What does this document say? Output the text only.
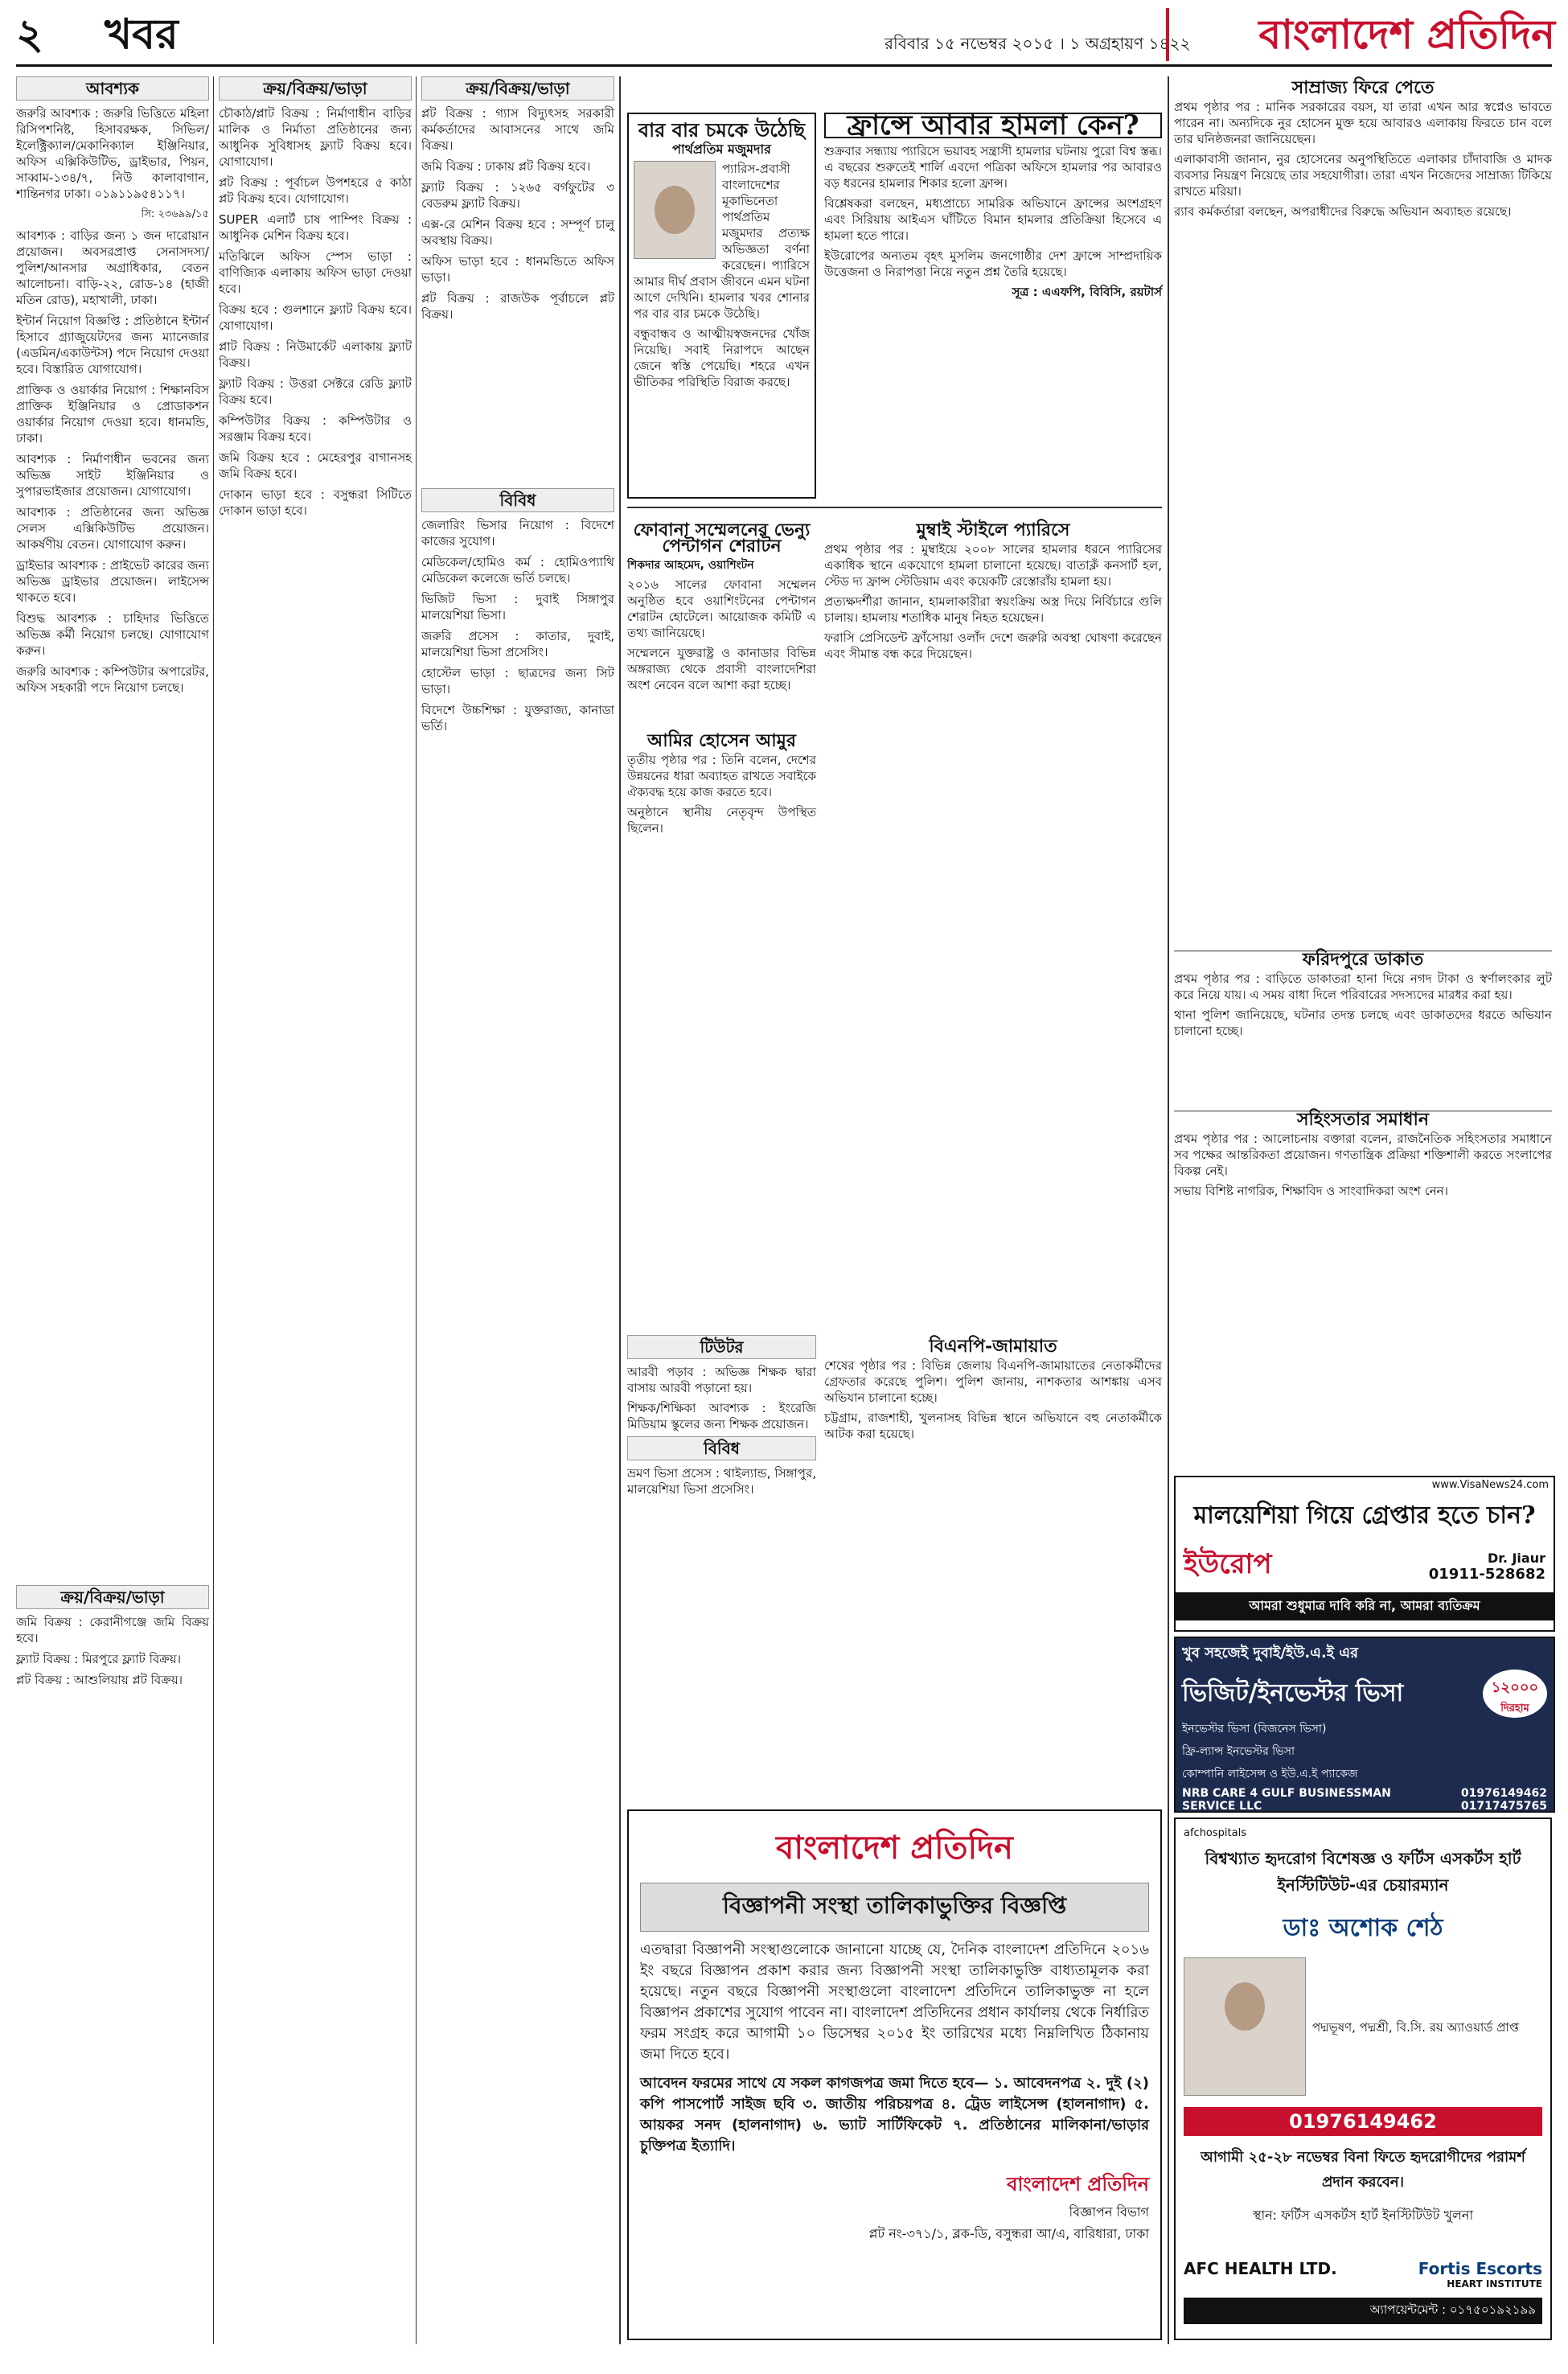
২ খবর	রবিবার ১৫ নভেম্বর ২০১৫ । ১ অগ্রহায়ণ ১৪২২	বাংলাদেশ প্রতিদিন
আবশ্যক

জরুরি আবশ্যক : জরুরি ভিত্তিতে মহিলা রিসিপশনিষ্ট, হিসাবরক্ষক, সিভিল/ইলেক্ট্রিক্যাল/মেকানিক্যাল ইঞ্জিনিয়ার, অফিস এক্সিকিউটিভ, ড্রাইভার, পিয়ন, সাব্বাম-১৩৪/৭, নিউ কালাবাগান, শান্তিনগর ঢাকা। ০১৯১১৯৫৪১১৭।

সি: ২৩৬৯৯/১৫

আবশ্যক : বাড়ির জন্য ১ জন দারোয়ান প্রয়োজন। অবসরপ্রাপ্ত সেনাসদস্য/পুলিশ/আনসার অগ্রাধিকার, বেতন আলোচনা। বাড়ি-২২, রোড-১৪ (হাজী মতিন রোড), মহাখালী, ঢাকা।

ইন্টার্ন নিয়োগ বিজ্ঞপ্তি : প্রতিষ্ঠানে ইন্টার্ন হিসাবে গ্র্যাজুয়েটদের জন্য ম্যানেজার (এডমিন/একাউন্টস) পদে নিয়োগ দেওয়া হবে। বিস্তারিত যোগাযোগ।

প্রাক্তিক ও ওয়ার্কার নিয়োগ : শিক্ষানবিস প্রাক্তিক ইঞ্জিনিয়ার ও প্রোডাকশন ওয়ার্কার নিয়োগ দেওয়া হবে। ধানমন্ডি, ঢাকা।

আবশ্যক : নির্মাণাধীন ভবনের জন্য অভিজ্ঞ সাইট ইঞ্জিনিয়ার ও সুপারভাইজার প্রয়োজন। যোগাযোগ।

আবশ্যক : প্রতিষ্ঠানের জন্য অভিজ্ঞ সেলস এক্সিকিউটিভ প্রয়োজন। আকর্ষণীয় বেতন। যোগাযোগ করুন।

ড্রাইভার আবশ্যক : প্রাইভেট কারের জন্য অভিজ্ঞ ড্রাইভার প্রয়োজন। লাইসেন্স থাকতে হবে।

বিশুদ্ধ আবশ্যক : চাহিদার ভিত্তিতে অভিজ্ঞ কর্মী নিয়োগ চলছে। যোগাযোগ করুন।

জরুরি আবশ্যক : কম্পিউটার অপারেটর, অফিস সহকারী পদে নিয়োগ চলছে।

ক্রয়/বিক্রয়/ভাড়া

জমি বিক্রয় : কেরানীগঞ্জে জমি বিক্রয় হবে।

ফ্ল্যাট বিক্রয় : মিরপুরে ফ্ল্যাট বিক্রয়।

প্লট বিক্রয় : আশুলিয়ায় প্লট বিক্রয়।

ক্রয়/বিক্রয়/ভাড়া

চৌকাঠ/প্লাট বিক্রয় : নির্মাণাধীন বাড়ির মালিক ও নির্মাতা প্রতিষ্ঠানের জন্য আধুনিক সুবিধাসহ ফ্ল্যাট বিক্রয় হবে। যোগাযোগ।

প্লট বিক্রয় : পূর্বাচল উপশহরে ৫ কাঠা প্লট বিক্রয় হবে। যোগাযোগ।

SUPER এলার্ট চাষ পাম্পিং বিক্রয় : আধুনিক মেশিন বিক্রয় হবে।

মতিঝিলে অফিস স্পেস ভাড়া : বাণিজ্যিক এলাকায় অফিস ভাড়া দেওয়া হবে।

বিক্রয় হবে : গুলশানে ফ্ল্যাট বিক্রয় হবে। যোগাযোগ।

প্লাট বিক্রয় : নিউমার্কেট এলাকায় ফ্ল্যাট বিক্রয়।

ফ্ল্যাট বিক্রয় : উত্তরা সেক্টরে রেডি ফ্ল্যাট বিক্রয় হবে।

কম্পিউটার বিক্রয় : কম্পিউটার ও সরঞ্জাম বিক্রয় হবে।

জমি বিক্রয় হবে : মেহেরপুর বাগানসহ জমি বিক্রয় হবে।

দোকান ভাড়া হবে : বসুন্ধরা সিটিতে দোকান ভাড়া হবে।

ক্রয়/বিক্রয়/ভাড়া

প্লট বিক্রয় : গ্যাস বিদ্যুৎসহ সরকারী কর্মকর্তাদের আবাসনের সাথে জমি বিক্রয়।

জমি বিক্রয় : ঢাকায় প্লট বিক্রয় হবে।

ফ্ল্যাট বিক্রয় : ১২৬৫ বর্গফুটের ৩ বেডরুম ফ্ল্যাট বিক্রয়।

এক্স-রে মেশিন বিক্রয় হবে : সম্পূর্ণ চালু অবস্থায় বিক্রয়।

অফিস ভাড়া হবে : ধানমন্ডিতে অফিস ভাড়া।

প্লট বিক্রয় : রাজউক পূর্বাচলে প্লট বিক্রয়।

বিবিধ

জেলারিং ভিসার নিয়োগ : বিদেশে কাজের সুযোগ।

মেডিকেল/হোমিও কর্ম : হোমিওপ্যাথি মেডিকেল কলেজে ভর্তি চলছে।

ভিজিট ভিসা : দুবাই সিঙ্গাপুর মালয়েশিয়া ভিসা।

জরুরি প্রসেস : কাতার, দুবাই, মালয়েশিয়া ভিসা প্রসেসিং।

হোস্টেল ভাড়া : ছাত্রদের জন্য সিট ভাড়া।

বিদেশে উচ্চশিক্ষা : যুক্তরাজ্য, কানাডা ভর্তি।

বার বার চমকে উঠেছি
পার্থপ্রতিম মজুমদার

প্যারিস-প্রবাসী বাংলাদেশের মূকাভিনেতা পার্থপ্রতিম মজুমদার প্রত্যক্ষ অভিজ্ঞতা বর্ণনা করেছেন। প্যারিসে আমার দীর্ঘ প্রবাস জীবনে এমন ঘটনা আগে দেখিনি। হামলার খবর শোনার পর বার বার চমকে উঠেছি।

বন্ধুবান্ধব ও আত্মীয়স্বজনদের খোঁজ নিয়েছি। সবাই নিরাপদে আছেন জেনে স্বস্তি পেয়েছি। শহরে এখন ভীতিকর পরিস্থিতি বিরাজ করছে।

ফ্রান্সে আবার হামলা কেন?

শুক্রবার সন্ধ্যায় প্যারিসে ভয়াবহ সন্ত্রাসী হামলার ঘটনায় পুরো বিশ্ব স্তব্ধ। এ বছরের শুরুতেই শার্লি এবদো পত্রিকা অফিসে হামলার পর আবারও বড় ধরনের হামলার শিকার হলো ফ্রান্স।

বিশ্লেষকরা বলছেন, মধ্যপ্রাচ্যে সামরিক অভিযানে ফ্রান্সের অংশগ্রহণ এবং সিরিয়ায় আইএস ঘাঁটিতে বিমান হামলার প্রতিক্রিয়া হিসেবে এ হামলা হতে পারে।

ইউরোপের অন্যতম বৃহৎ মুসলিম জনগোষ্ঠীর দেশ ফ্রান্সে সাম্প্রদায়িক উত্তেজনা ও নিরাপত্তা নিয়ে নতুন প্রশ্ন তৈরি হয়েছে।

সূত্র : এএফপি, বিবিসি, রয়টার্স

ফোবানা সম্মেলনের ভেন্যু পেন্টাগন শেরাটন
শিকদার আহমেদ, ওয়াশিংটন

২০১৬ সালের ফোবানা সম্মেলন অনুষ্ঠিত হবে ওয়াশিংটনের পেন্টাগন শেরাটন হোটেলে। আয়োজক কমিটি এ তথ্য জানিয়েছে।

সম্মেলনে যুক্তরাষ্ট্র ও কানাডার বিভিন্ন অঙ্গরাজ্য থেকে প্রবাসী বাংলাদেশিরা অংশ নেবেন বলে আশা করা হচ্ছে।

আমির হোসেন আমুর

তৃতীয় পৃষ্ঠার পর : তিনি বলেন, দেশের উন্নয়নের ধারা অব্যাহত রাখতে সবাইকে ঐক্যবদ্ধ হয়ে কাজ করতে হবে।

অনুষ্ঠানে স্থানীয় নেতৃবৃন্দ উপস্থিত ছিলেন।

মুম্বাই স্টাইলে প্যারিসে

প্রথম পৃষ্ঠার পর : মুম্বাইয়ে ২০০৮ সালের হামলার ধরনে প্যারিসের একাধিক স্থানে একযোগে হামলা চালানো হয়েছে। বাতাক্লঁ কনসার্ট হল, স্টেড দ্য ফ্রান্স স্টেডিয়াম এবং কয়েকটি রেস্তোরাঁয় হামলা হয়।

প্রত্যক্ষদর্শীরা জানান, হামলাকারীরা স্বয়ংক্রিয় অস্ত্র দিয়ে নির্বিচারে গুলি চালায়। হামলায় শতাধিক মানুষ নিহত হয়েছেন।

ফরাসি প্রেসিডেন্ট ফ্রাঁসোয়া ওলাঁদ দেশে জরুরি অবস্থা ঘোষণা করেছেন এবং সীমান্ত বন্ধ করে দিয়েছেন।

টিউটর

আরবী পড়াব : অভিজ্ঞ শিক্ষক দ্বারা বাসায় আরবী পড়ানো হয়।

শিক্ষক/শিক্ষিকা আবশ্যক : ইংরেজি মিডিয়াম স্কুলের জন্য শিক্ষক প্রয়োজন।

বিবিধ

ভ্রমণ ভিসা প্রসেস : থাইল্যান্ড, সিঙ্গাপুর, মালয়েশিয়া ভিসা প্রসেসিং।

বিএনপি-জামায়াত

শেষের পৃষ্ঠার পর : বিভিন্ন জেলায় বিএনপি-জামায়াতের নেতাকর্মীদের গ্রেফতার করেছে পুলিশ। পুলিশ জানায়, নাশকতার আশঙ্কায় এসব অভিযান চালানো হচ্ছে।

চট্টগ্রাম, রাজশাহী, খুলনাসহ বিভিন্ন স্থানে অভিযানে বহু নেতাকর্মীকে আটক করা হয়েছে।

বাংলাদেশ প্রতিদিন
বিজ্ঞাপনী সংস্থা তালিকাভুক্তির বিজ্ঞপ্তি

এতদ্বারা বিজ্ঞাপনী সংস্থাগুলোকে জানানো যাচ্ছে যে, দৈনিক বাংলাদেশ প্রতিদিনে ২০১৬ ইং বছরে বিজ্ঞাপন প্রকাশ করার জন্য বিজ্ঞাপনী সংস্থা তালিকাভুক্তি বাধ্যতামূলক করা হয়েছে। নতুন বছরে বিজ্ঞাপনী সংস্থাগুলো বাংলাদেশ প্রতিদিনে তালিকাভুক্ত না হলে বিজ্ঞাপন প্রকাশের সুযোগ পাবেন না। বাংলাদেশ প্রতিদিনের প্রধান কার্যালয় থেকে নির্ধারিত ফরম সংগ্রহ করে আগামী ১০ ডিসেম্বর ২০১৫ ইং তারিখের মধ্যে নিম্নলিখিত ঠিকানায় জমা দিতে হবে।

আবেদন ফরমের সাথে যে সকল কাগজপত্র জমা দিতে হবে— ১. আবেদনপত্র ২. দুই (২) কপি পাসপোর্ট সাইজ ছবি ৩. জাতীয় পরিচয়পত্র ৪. ট্রেড লাইসেন্স (হালনাগাদ) ৫. আয়কর সনদ (হালনাগাদ) ৬. ভ্যাট সার্টিফিকেট ৭. প্রতিষ্ঠানের মালিকানা/ভাড়ার চুক্তিপত্র ইত্যাদি।

বাংলাদেশ প্রতিদিন
বিজ্ঞাপন বিভাগ
প্লট নং-৩৭১/১, ব্লক-ডি, বসুন্ধরা আ/এ, বারিধারা, ঢাকা
সাম্রাজ্য ফিরে পেতে

প্রথম পৃষ্ঠার পর : মানিক সরকারের বয়স, যা তারা এখন আর স্বপ্নেও ভাবতে পারেন না। অন্যদিকে নুর হোসেন মুক্ত হয়ে আবারও এলাকায় ফিরতে চান বলে তার ঘনিষ্ঠজনরা জানিয়েছেন।

এলাকাবাসী জানান, নুর হোসেনের অনুপস্থিতিতে এলাকার চাঁদাবাজি ও মাদক ব্যবসার নিয়ন্ত্রণ নিয়েছে তার সহযোগীরা। তারা এখন নিজেদের সাম্রাজ্য টিকিয়ে রাখতে মরিয়া।

র‌্যাব কর্মকর্তারা বলছেন, অপরাধীদের বিরুদ্ধে অভিযান অব্যাহত রয়েছে।

ফরিদপুরে ডাকাত

প্রথম পৃষ্ঠার পর : বাড়িতে ডাকাতরা হানা দিয়ে নগদ টাকা ও স্বর্ণালংকার লুট করে নিয়ে যায়। এ সময় বাধা দিলে পরিবারের সদস্যদের মারধর করা হয়।

থানা পুলিশ জানিয়েছে, ঘটনার তদন্ত চলছে এবং ডাকাতদের ধরতে অভিযান চালানো হচ্ছে।

সহিংসতার সমাধান

প্রথম পৃষ্ঠার পর : আলোচনায় বক্তারা বলেন, রাজনৈতিক সহিংসতার সমাধানে সব পক্ষের আন্তরিকতা প্রয়োজন। গণতান্ত্রিক প্রক্রিয়া শক্তিশালী করতে সংলাপের বিকল্প নেই।

সভায় বিশিষ্ট নাগরিক, শিক্ষাবিদ ও সাংবাদিকরা অংশ নেন।

www.VisaNews24.com
মালয়েশিয়া গিয়ে গ্রেপ্তার হতে চান?
ইউরোপ	Dr. Jiaur
01911-528682
আমরা শুধুমাত্র দাবি করি না, আমরা ব্যতিক্রম
খুব সহজেই দুবাই/ইউ.এ.ই এর
ভিজিট/ইনভেস্টর ভিসা	১২০০০
দিরহাম
ইনভেস্টর ভিসা (বিজনেস ভিসা)
ফ্রি-ল্যান্স ইনভেস্টর ভিসা
কোম্পানি লাইসেন্স ও ইউ.এ.ই প্যাকেজ
NRB CARE 4 GULF BUSINESSMAN SERVICE LLC
01976149462
01717475765
যোগাযোগ : সরাসরি দুবাই - +971 526293925
afchospitals
বিশ্বখ্যাত হৃদরোগ বিশেষজ্ঞ ও ফর্টিস এসকর্টস হার্ট ইনস্টিটিউট-এর চেয়ারম্যান
ডাঃ অশোক শেঠ
পদ্মভূষণ, পদ্মশ্রী, বি.সি. রয় অ্যাওয়ার্ড প্রাপ্ত
01976149462
আগামী ২৫-২৮ নভেম্বর বিনা ফিতে হৃদরোগীদের পরামর্শ প্রদান করবেন।
স্থান: ফর্টিস এসকর্টস হার্ট ইনস্টিটিউট খুলনা
AFC HEALTH LTD.	Fortis Escorts
HEART INSTITUTE
অ্যাপয়েন্টমেন্ট : ০১৭৫০১৯২১৯৯
